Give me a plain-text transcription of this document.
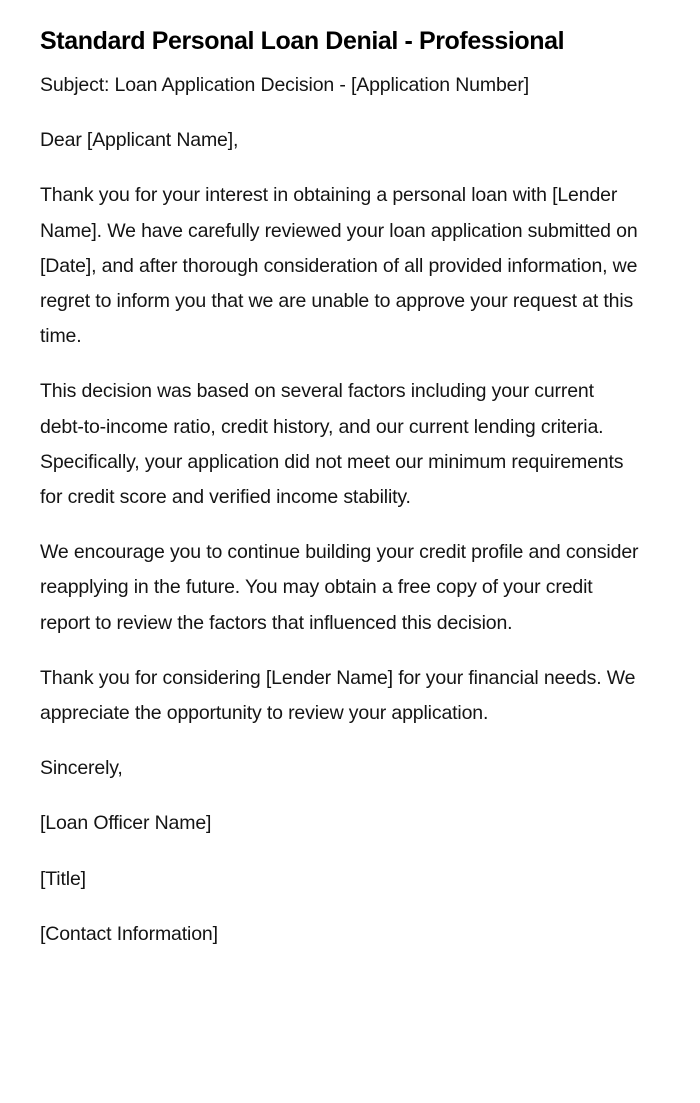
Standard Personal Loan Denial - Professional

Subject: Loan Application Decision - [Application Number]

Dear [Applicant Name],

Thank you for your interest in obtaining a personal loan with [Lender Name]. We have carefully reviewed your loan application submitted on [Date], and after thorough consideration of all provided information, we regret to inform you that we are unable to approve your request at this time.

This decision was based on several factors including your current debt-to-income ratio, credit history, and our current lending criteria. Specifically, your application did not meet our minimum requirements for credit score and verified income stability.

We encourage you to continue building your credit profile and consider reapplying in the future. You may obtain a free copy of your credit report to review the factors that influenced this decision.

Thank you for considering [Lender Name] for your financial needs. We appreciate the opportunity to review your application.

Sincerely,

[Loan Officer Name]

[Title]

[Contact Information]
